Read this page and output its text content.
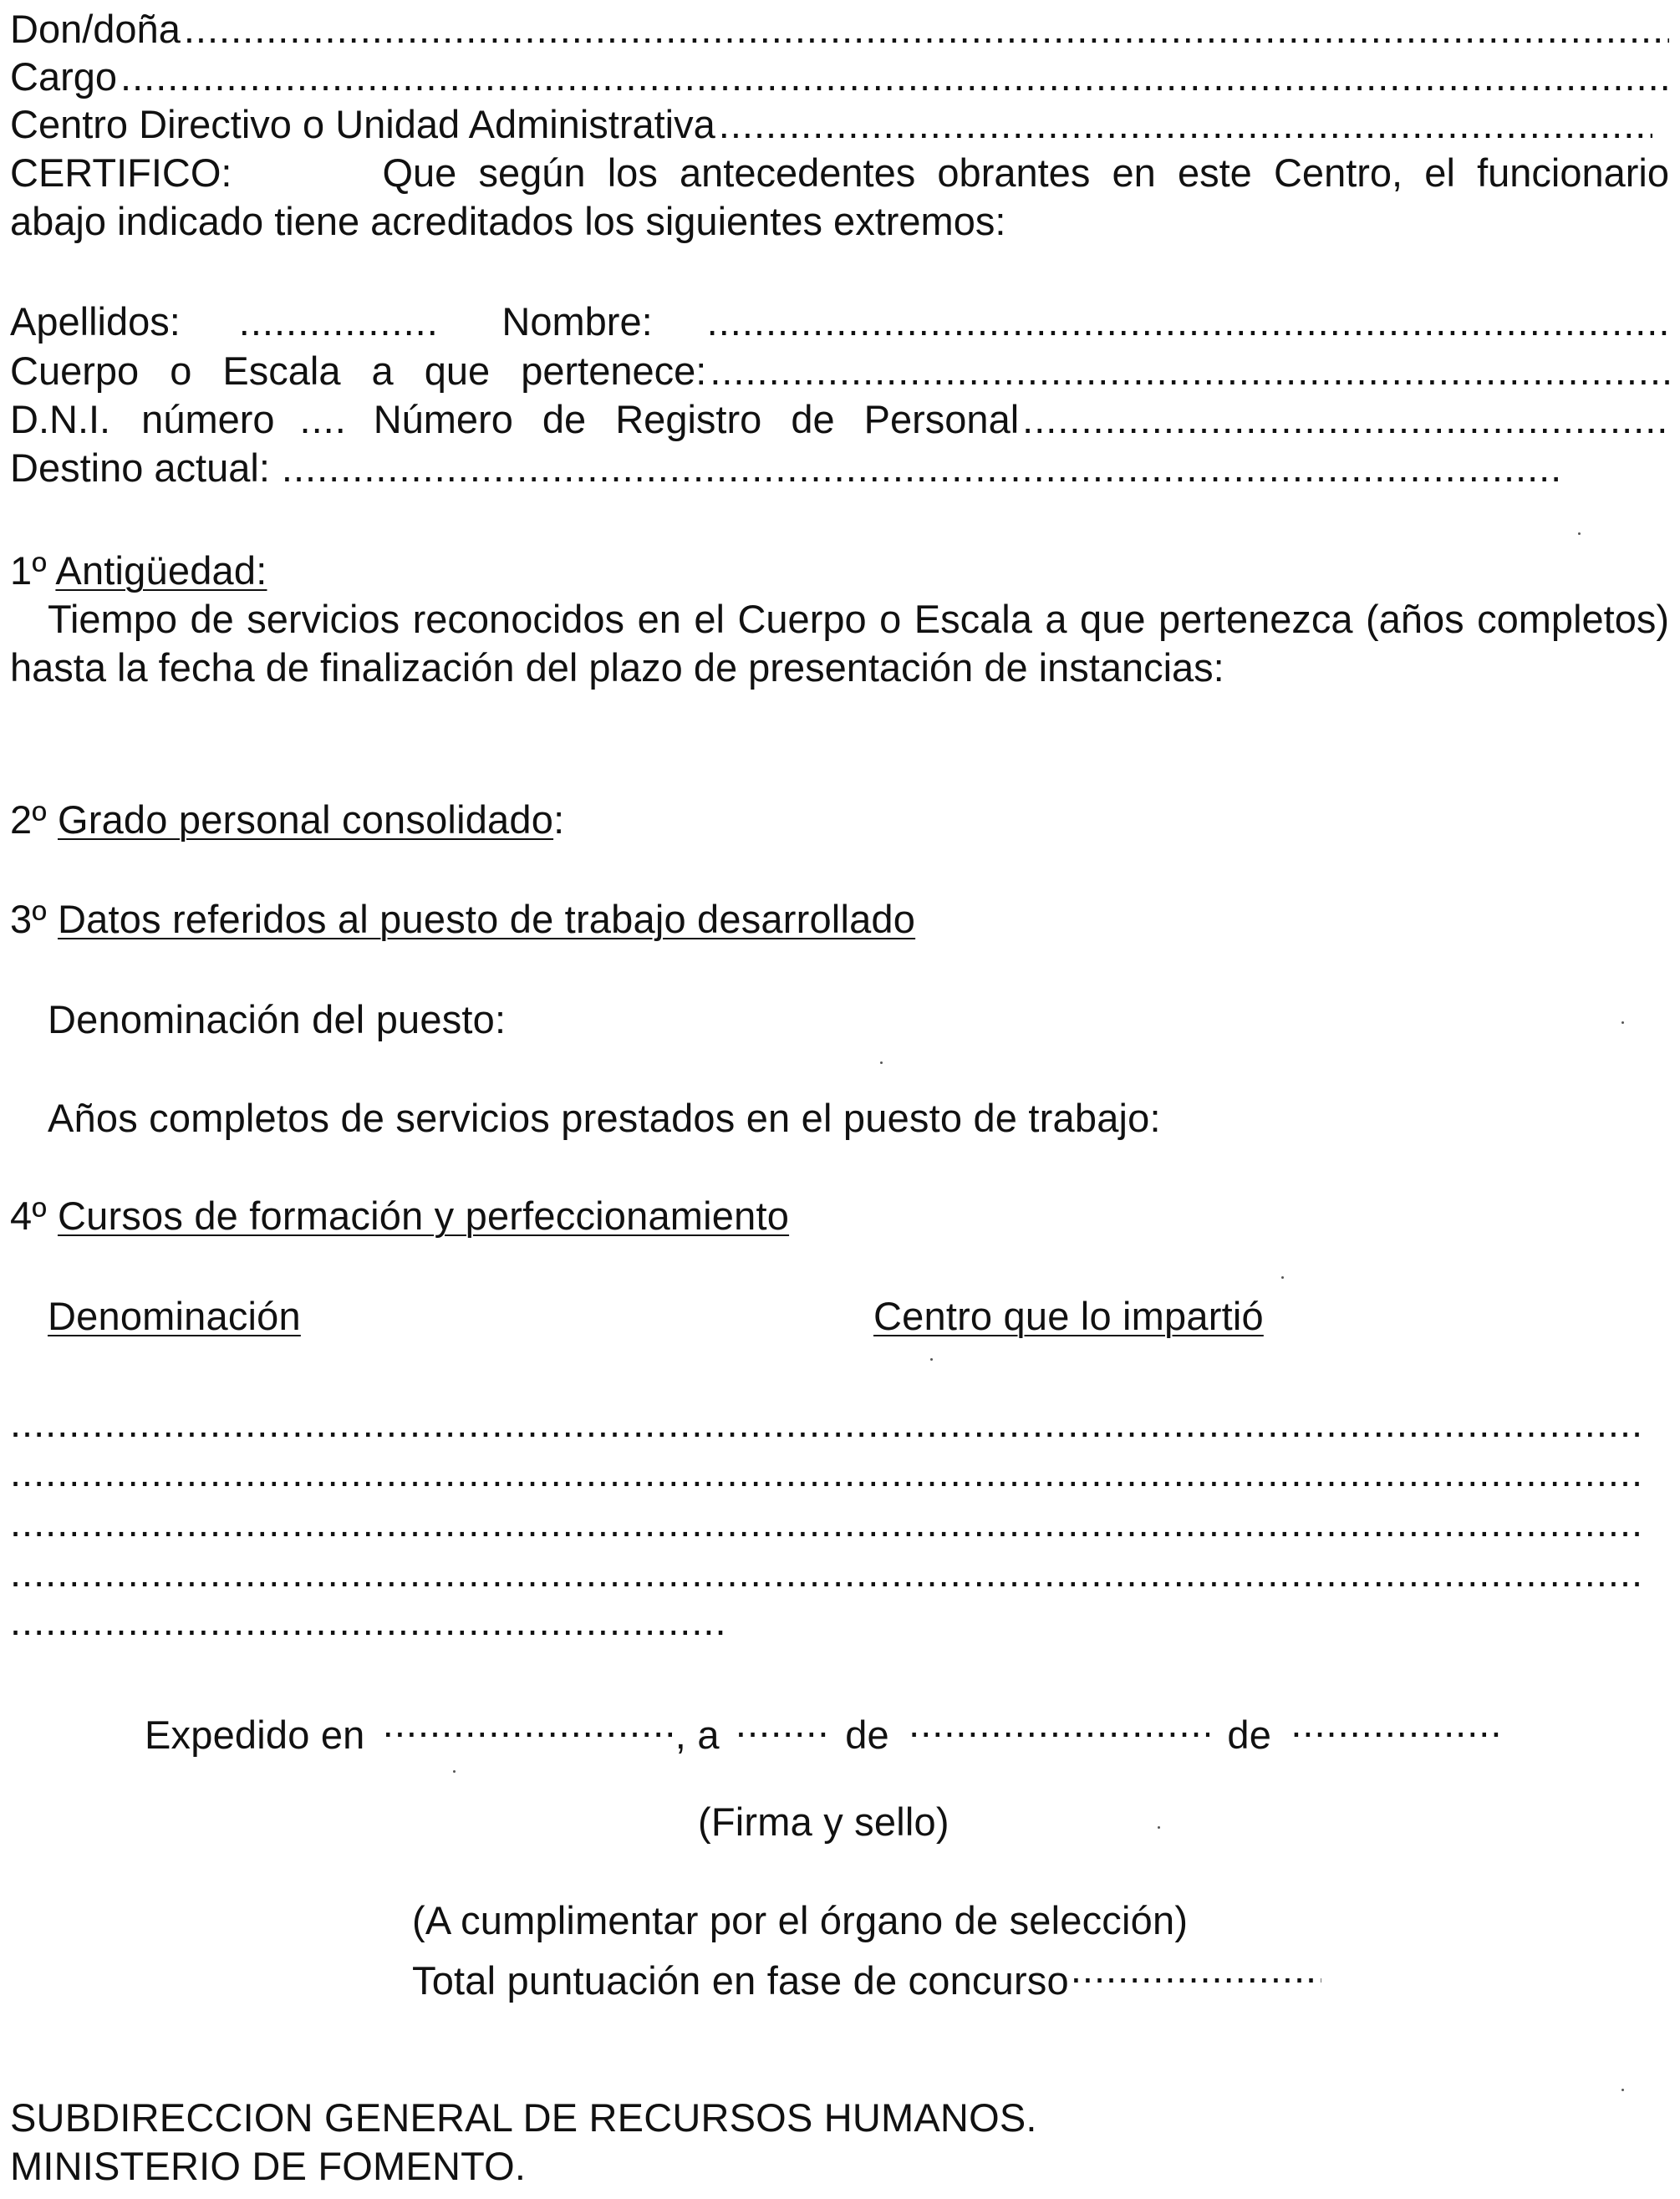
Don/doña
.....
Cargo
.....
Centro Directivo o Unidad Administrativa
.....
CERTIFICO:	Que según los antecedentes obrantes en este Centro, el funcionario abajo indicado tiene acreditados los siguientes extremos:
Apellidos: .....	Nombre:
.....
Cuerpo o Escala a que pertenece:
.....
D.N.I. número .....	Número de Registro de Personal
.....
Destino actual:
.....
1º Antigüedad:
Tiempo de servicios reconocidos en el Cuerpo o Escala a que pertenezca (años completos) hasta la fecha de finalización del plazo de presentación de instancias:
2º Grado personal consolidado:
3º Datos referidos al puesto de trabajo desarrollado
Denominación del puesto:
Años completos de servicios prestados en el puesto de trabajo:
4º Cursos de formación y perfeccionamiento
Denominación	Centro que lo impartió
.....
.....
.....
.....
.....
Expedido en .....	, a .....	de .....	de .....
(Firma y sello)
(A cumplimentar por el órgano de selección)
Total puntuación en fase de concurso.....
SUBDIRECCION GENERAL DE RECURSOS HUMANOS.
MINISTERIO DE FOMENTO.
